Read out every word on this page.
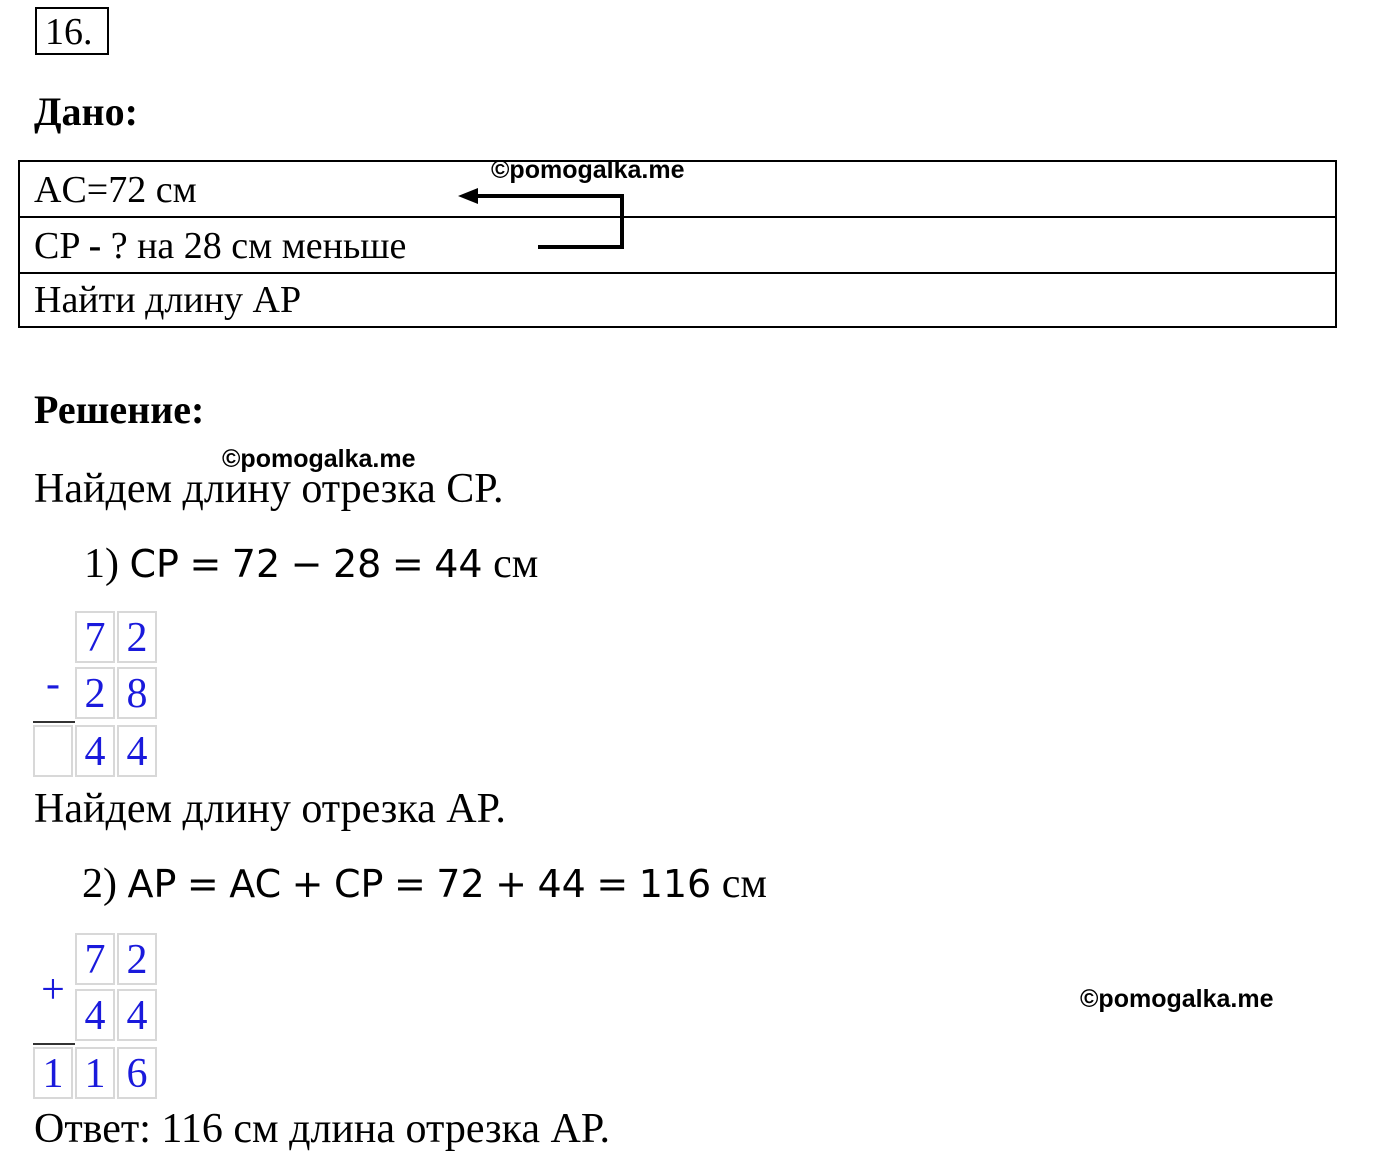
16.
Дано:
AC=72 см
CP - ? на 28 см меньше
Найти длину AP
©pomogalka.me
Решение:
©pomogalka.me
Найдем длину отрезка CP.
1) CP = 72 − 28 = 44 см
-
7 2
2 8
4 4
Найдем длину отрезка AP.
2) AP = AC + CP = 72 + 44 = 116 см
+
7 2
4 4
1 1 6
©pomogalka.me
Ответ: 116 см длина отрезка AP.
